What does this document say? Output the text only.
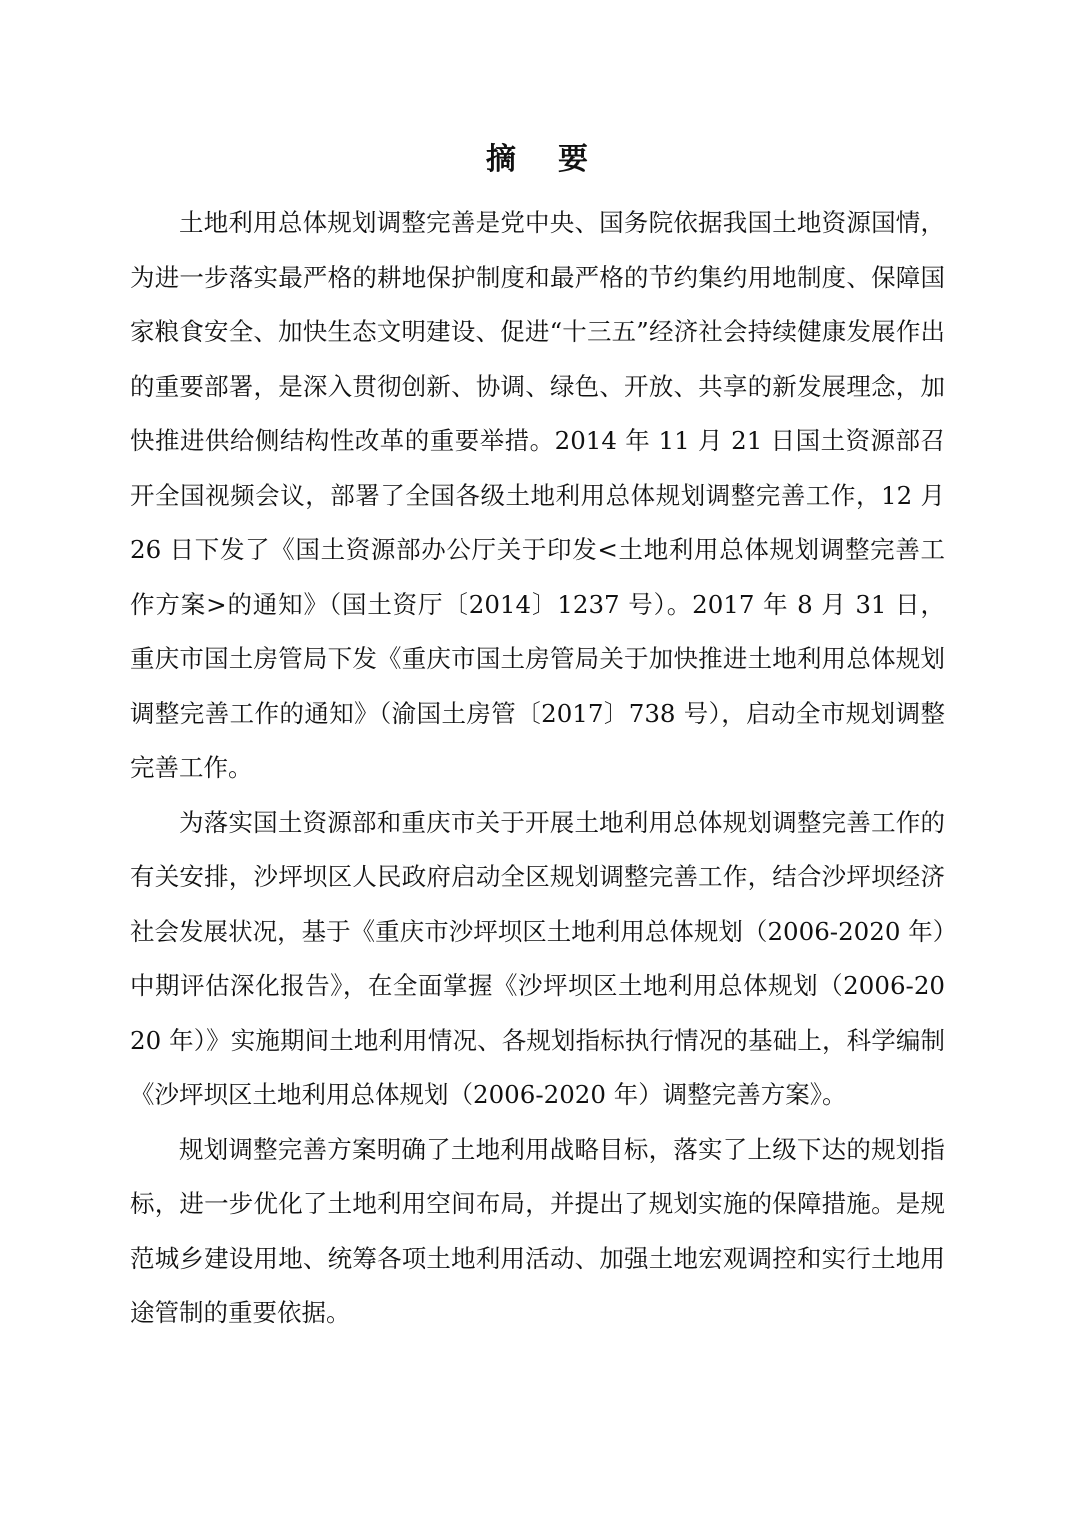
摘要

土地利用总体规划调整完善是党中央、国务院依据我国土地资源国情，为进一步落实最严格的耕地保护制度和最严格的节约集约用地制度、保障国家粮食安全、加快生态文明建设、促进“十三五”经济社会持续健康发展作出的重要部署，是深入贯彻创新、协调、绿色、开放、共享的新发展理念，加快推进供给侧结构性改革的重要举措。2014 年 11 月 21 日国土资源部召开全国视频会议，部署了全国各级土地利用总体规划调整完善工作，12 月 26 日下发了《国土资源部办公厅关于印发<土地利用总体规划调整完善工作方案>的通知》（国土资厅〔2014〕1237 号）。2017 年 8 月 31 日，重庆市国土房管局下发《重庆市国土房管局关于加快推进土地利用总体规划调整完善工作的通知》（渝国土房管〔2017〕738 号），启动全市规划调整完善工作。

为落实国土资源部和重庆市关于开展土地利用总体规划调整完善工作的有关安排，沙坪坝区人民政府启动全区规划调整完善工作，结合沙坪坝经济社会发展状况，基于《重庆市沙坪坝区土地利用总体规划（2006-2020 年）中期评估深化报告》，在全面掌握《沙坪坝区土地利用总体规划（2006-2020 年）》实施期间土地利用情况、各规划指标执行情况的基础上，科学编制《沙坪坝区土地利用总体规划（2006-2020 年）调整完善方案》。

规划调整完善方案明确了土地利用战略目标，落实了上级下达的规划指标，进一步优化了土地利用空间布局，并提出了规划实施的保障措施。是规范城乡建设用地、统筹各项土地利用活动、加强土地宏观调控和实行土地用途管制的重要依据。
